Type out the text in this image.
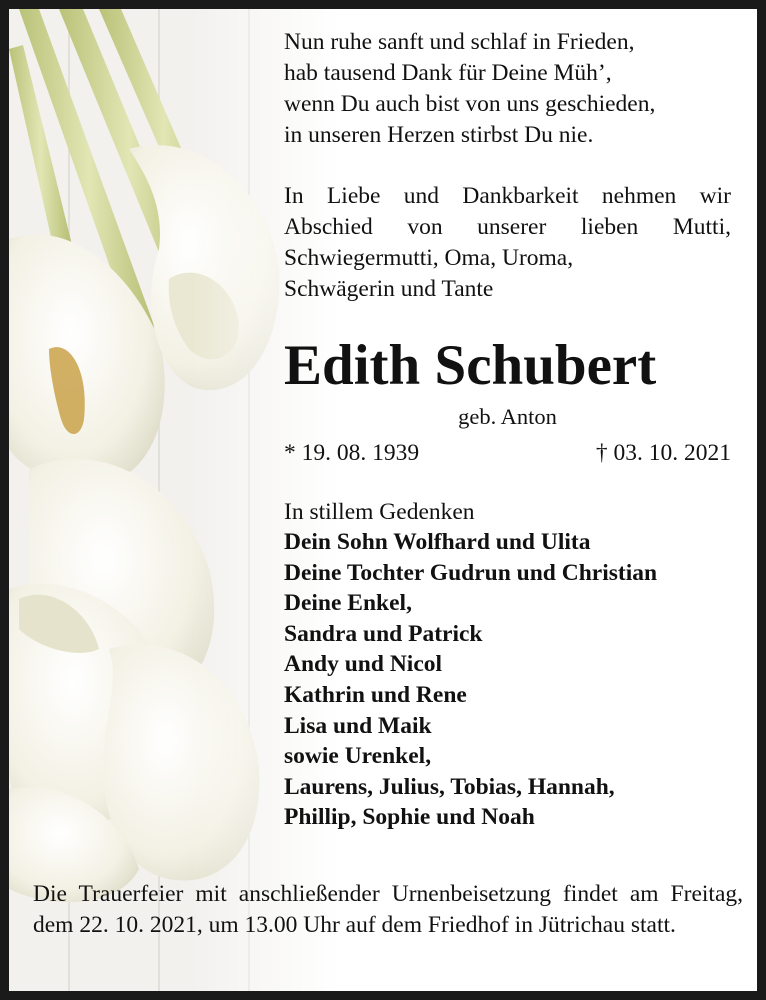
Nun ruhe sanft und schlaf in Frieden,
hab tausend Dank für Deine Müh’,
wenn Du auch bist von uns geschieden,
in unseren Herzen stirbst Du nie.
In Liebe und Dankbarkeit nehmen wir Abschied von unserer lieben Mutti, Schwiegermutti, Oma, Uroma,
Schwägerin und Tante
Edith Schubert
geb. Anton
* 19. 08. 1939	† 03. 10. 2021
In stillem Gedenken
Dein Sohn Wolfhard und Ulita
Deine Tochter Gudrun und Christian
Deine Enkel,
Sandra und Patrick
Andy und Nicol
Kathrin und Rene
Lisa und Maik
sowie Urenkel,
Laurens, Julius, Tobias, Hannah,
Phillip, Sophie und Noah
Die Trauerfeier mit anschließender Urnenbeisetzung findet am Freitag, dem 22. 10. 2021, um 13.00 Uhr auf dem Friedhof in Jütrichau statt.
